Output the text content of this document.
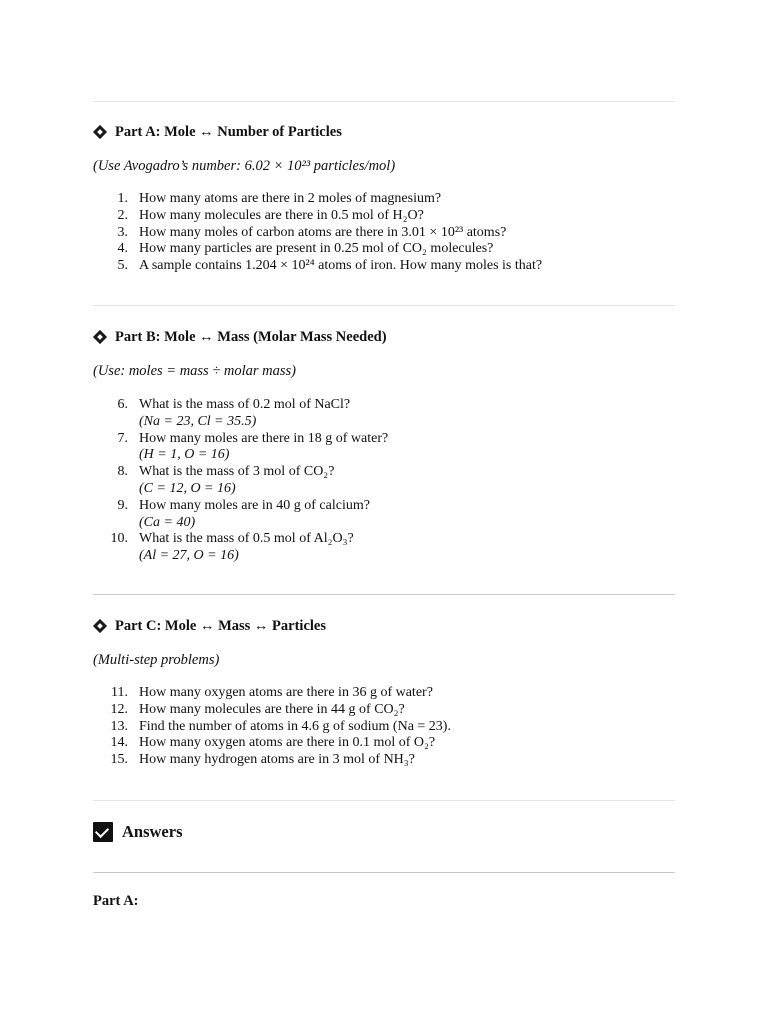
Part A: Mole ↔ Number of Particles
(Use Avogadro’s number: 6.02 × 10²³ particles/mol)
1. How many atoms are there in 2 moles of magnesium?
2. How many molecules are there in 0.5 mol of H₂O?
3. How many moles of carbon atoms are there in 3.01 × 10²³ atoms?
4. How many particles are present in 0.25 mol of CO₂ molecules?
5. A sample contains 1.204 × 10²⁴ atoms of iron. How many moles is that?
Part B: Mole ↔ Mass (Molar Mass Needed)
(Use: moles = mass ÷ molar mass)
6. What is the mass of 0.2 mol of NaCl?
(Na = 23, Cl = 35.5)
7. How many moles are there in 18 g of water?
(H = 1, O = 16)
8. What is the mass of 3 mol of CO₂?
(C = 12, O = 16)
9. How many moles are in 40 g of calcium?
(Ca = 40)
10. What is the mass of 0.5 mol of Al₂O₃?
(Al = 27, O = 16)
Part C: Mole ↔ Mass ↔ Particles
(Multi-step problems)
11. How many oxygen atoms are there in 36 g of water?
12. How many molecules are there in 44 g of CO₂?
13. Find the number of atoms in 4.6 g of sodium (Na = 23).
14. How many oxygen atoms are there in 0.1 mol of O₂?
15. How many hydrogen atoms are in 3 mol of NH₃?
Answers
Part A:
